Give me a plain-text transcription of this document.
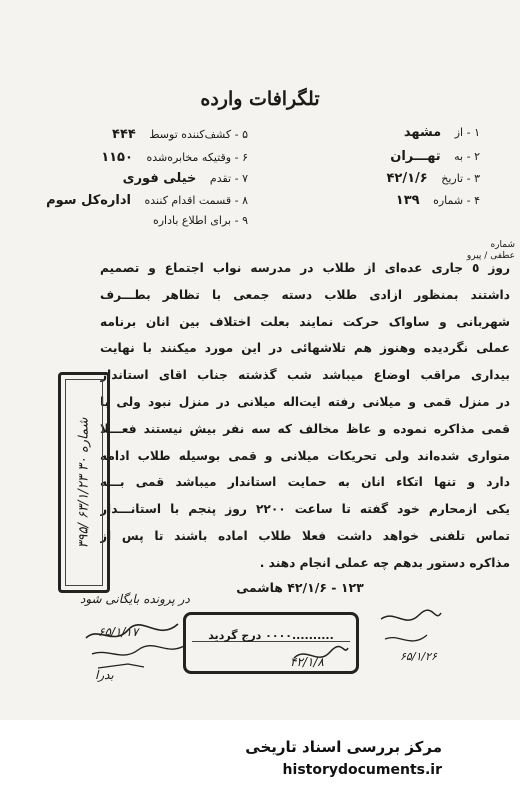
تلگرافات وارده
۱ - از مشهد
۲ - به تهـــران
۳ - تاریخ ۴۲/۱/۶
۴ - شماره ۱۳۹
۵ - کشف‌کننده توسط ۴۴۴
۶ - وقتیکه مخابره‌شده ۱۱۵۰
۷ - تقدم خیلی فوری
۸ - قسمت اقدام کننده اداره‌کل سوم
۹ - برای اطلاع باداره
شماره
عطفی / پیرو
روز ٥ جاری عده‌ای از طلاب در مدرسه نواب اجتماع و تصمیم
داشتند بمنظور ازادی طلاب دسته جمعی با تظاهر بطـــرف
شهربانی و ساواک حرکت نمایند بعلت اختلاف بین انان برنامه
عملی نگردیده وهنوز هم تلاشهائی در این مورد میکنند با نهایت
بیداری مراقب اوضاع میباشد شب گذشته جناب اقای استاندار
در منزل قمی و میلانی رفته ایت‌اله میلانی در منزل نبود ولی با
قمی مذاکره نموده و عاظ مخالف که سه نفر بیش نیستند فعـــلا
متواری شده‌اند ولی تحریکات میلانی و قمی بوسیله طلاب ادامه
دارد و تنها اتکاء انان به حمایت استاندار میباشد قمی بـــه
یکی ازمحارم خود گفته تا ساعت ۲۲۰۰ روز پنجم با استانـــدار
تماس تلفنی خواهد داشت فعلا طلاب اماده باشند تا پس از
مذاکره دستور بدهم چه عملی انجام دهند .
۱۲۳ - ۴۲/۱/۶ هاشمی
شماره ۳۰ ۶۳/۱/۲۳ /۳۹۵
..........۰۰۰۰ درج گردید
در پرونده بایگانی شود
۶۵/۱/۱۷
بدرا
۶۵/۱/۲۶
۴۲/۱/۸
مرکز بررسی اسناد تاریخی
historydocuments.ir
